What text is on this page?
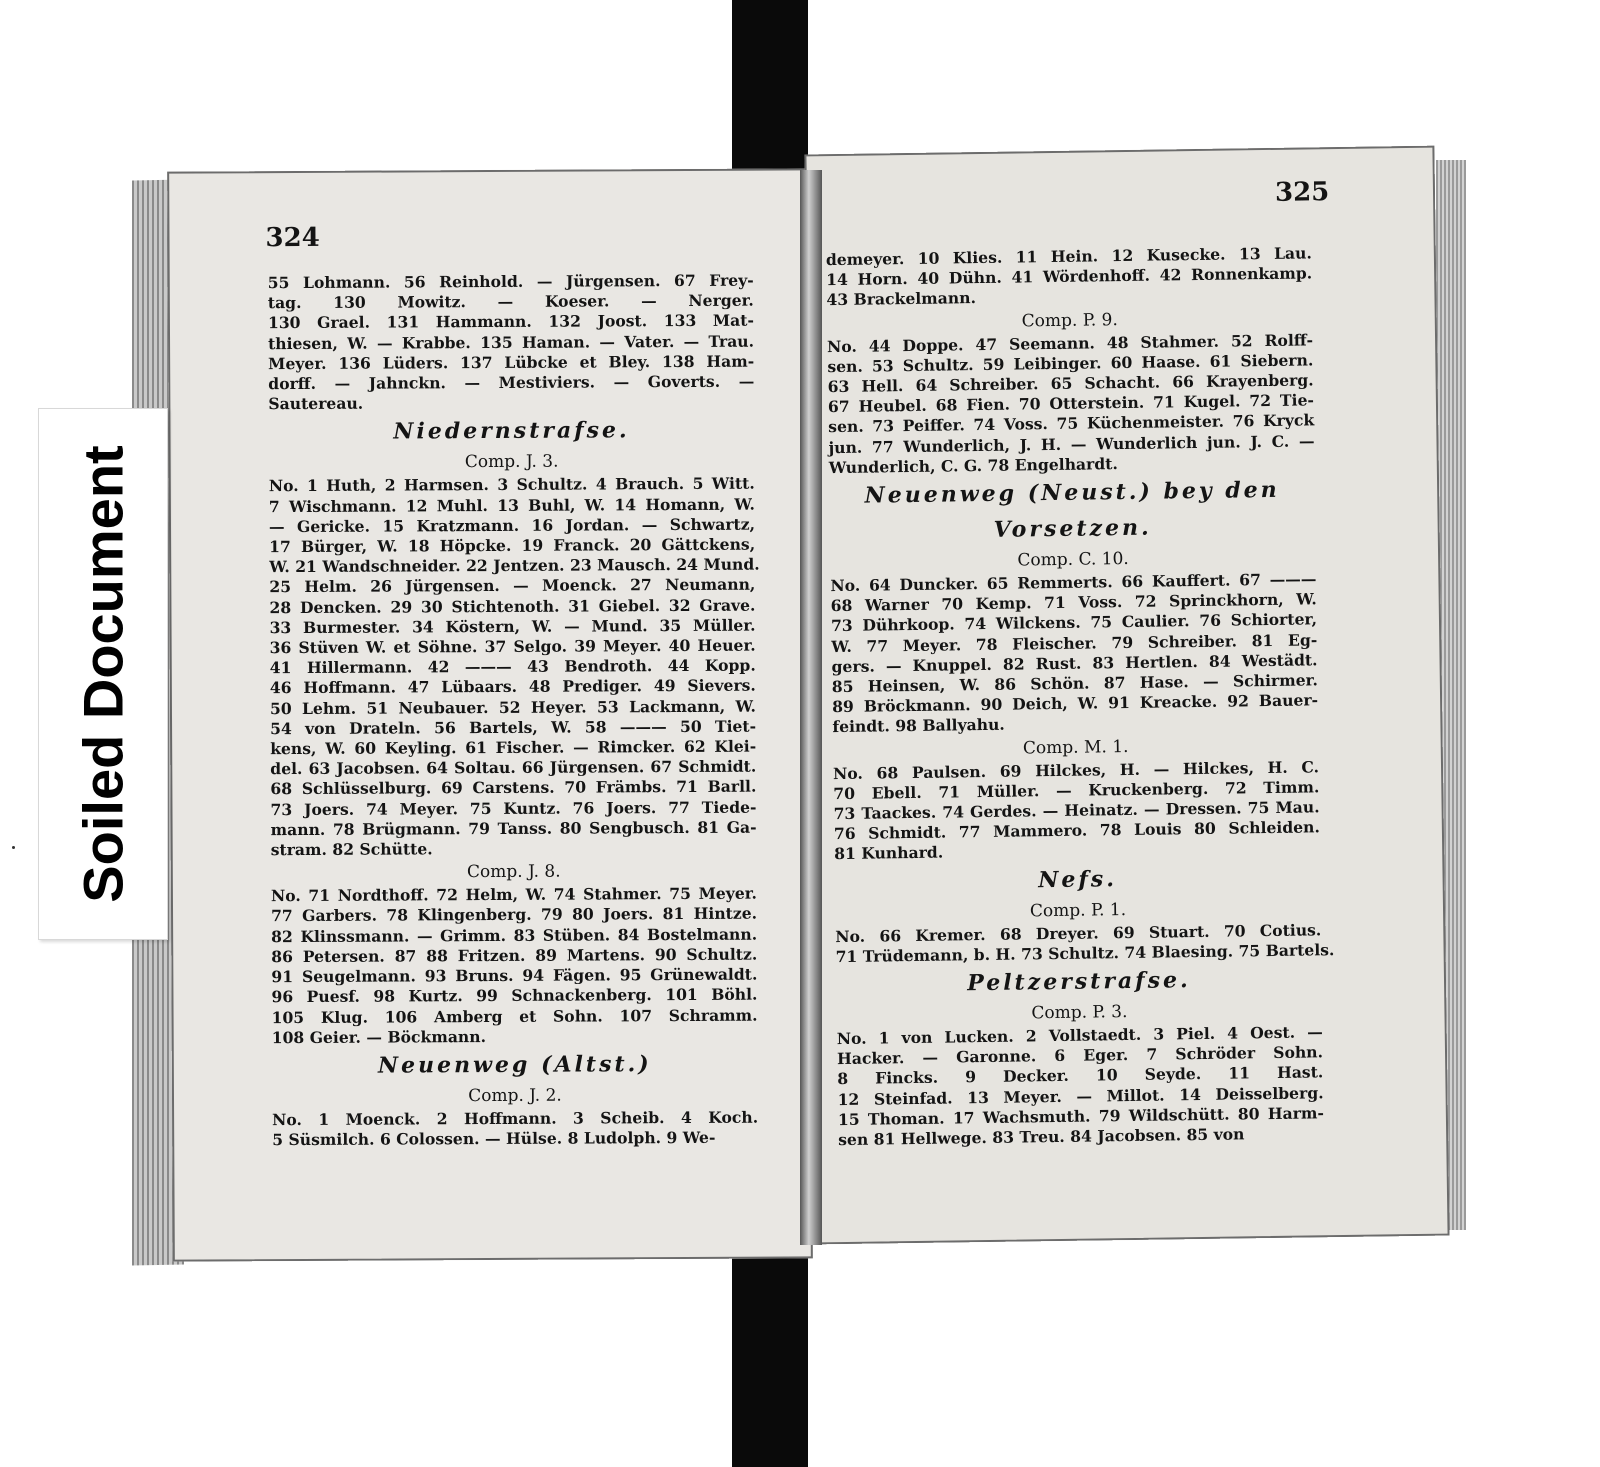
324
55 Lohmann. 56 Reinhold. — Jürgensen. 67 Frey-
tag. 130 Mowitz. — Koeser. — Nerger.
130 Grael. 131 Hammann. 132 Joost. 133 Mat-
thiesen, W. — Krabbe. 135 Haman. — Vater. — Trau.
Meyer. 136 Lüders. 137 Lübcke et Bley. 138 Ham-
dorff. — Jahnckn. — Mestiviers. — Goverts. —
Sautereau.
Niedernstrafse.
Comp. J. 3.
No. 1 Huth, 2 Harmsen. 3 Schultz. 4 Brauch. 5 Witt.
7 Wischmann. 12 Muhl. 13 Buhl, W. 14 Homann, W.
— Gericke. 15 Kratzmann. 16 Jordan. — Schwartz,
17 Bürger, W. 18 Höpcke. 19 Franck. 20 Gättckens,
W. 21 Wandschneider. 22 Jentzen. 23 Mausch. 24 Mund.
25 Helm. 26 Jürgensen. — Moenck. 27 Neumann,
28 Dencken. 29 30 Stichtenoth. 31 Giebel. 32 Grave.
33 Burmester. 34 Köstern, W. — Mund. 35 Müller.
36 Stüven W. et Söhne. 37 Selgo. 39 Meyer. 40 Heuer.
41 Hillermann. 42 ——— 43 Bendroth. 44 Kopp.
46 Hoffmann. 47 Lübaars. 48 Prediger. 49 Sievers.
50 Lehm. 51 Neubauer. 52 Heyer. 53 Lackmann, W.
54 von Drateln. 56 Bartels, W. 58 ——— 50 Tiet-
kens, W. 60 Keyling. 61 Fischer. — Rimcker. 62 Klei-
del. 63 Jacobsen. 64 Soltau. 66 Jürgensen. 67 Schmidt.
68 Schlüsselburg. 69 Carstens. 70 Främbs. 71 Barll.
73 Joers. 74 Meyer. 75 Kuntz. 76 Joers. 77 Tiede-
mann. 78 Brügmann. 79 Tanss. 80 Sengbusch. 81 Ga-
stram. 82 Schütte.
Comp. J. 8.
No. 71 Nordthoff. 72 Helm, W. 74 Stahmer. 75 Meyer.
77 Garbers. 78 Klingenberg. 79 80 Joers. 81 Hintze.
82 Klinssmann. — Grimm. 83 Stüben. 84 Bostelmann.
86 Petersen. 87 88 Fritzen. 89 Martens. 90 Schultz.
91 Seugelmann. 93 Bruns. 94 Fägen. 95 Grünewaldt.
96 Puesf. 98 Kurtz. 99 Schnackenberg. 101 Böhl.
105 Klug. 106 Amberg et Sohn. 107 Schramm.
108 Geier. — Böckmann.
Neuenweg (Altst.)
Comp. J. 2.
No. 1 Moenck. 2 Hoffmann. 3 Scheib. 4 Koch.
5 Süsmilch. 6 Colossen. — Hülse. 8 Ludolph. 9 We-
325
demeyer. 10 Klies. 11 Hein. 12 Kusecke. 13 Lau.
14 Horn. 40 Dühn. 41 Wördenhoff. 42 Ronnenkamp.
43 Brackelmann.
Comp. P. 9.
No. 44 Doppe. 47 Seemann. 48 Stahmer. 52 Rolff-
sen. 53 Schultz. 59 Leibinger. 60 Haase. 61 Siebern.
63 Hell. 64 Schreiber. 65 Schacht. 66 Krayenberg.
67 Heubel. 68 Fien. 70 Otterstein. 71 Kugel. 72 Tie-
sen. 73 Peiffer. 74 Voss. 75 Küchenmeister. 76 Kryck
jun. 77 Wunderlich, J. H. — Wunderlich jun. J. C. —
Wunderlich, C. G. 78 Engelhardt.
Neuenweg (Neust.) bey den Vorsetzen.
Comp. C. 10.
No. 64 Duncker. 65 Remmerts. 66 Kauffert. 67 ———
68 Warner 70 Kemp. 71 Voss. 72 Sprinckhorn, W.
73 Dührkoop. 74 Wilckens. 75 Caulier. 76 Schiorter,
W. 77 Meyer. 78 Fleischer. 79 Schreiber. 81 Eg-
gers. — Knuppel. 82 Rust. 83 Hertlen. 84 Westädt.
85 Heinsen, W. 86 Schön. 87 Hase. — Schirmer.
89 Bröckmann. 90 Deich, W. 91 Kreacke. 92 Bauer-
feindt. 98 Ballyahu.
Comp. M. 1.
No. 68 Paulsen. 69 Hilckes, H. — Hilckes, H. C.
70 Ebell. 71 Müller. — Kruckenberg. 72 Timm.
73 Taackes. 74 Gerdes. — Heinatz. — Dressen. 75 Mau.
76 Schmidt. 77 Mammero. 78 Louis 80 Schleiden.
81 Kunhard.
Nefs.
Comp. P. 1.
No. 66 Kremer. 68 Dreyer. 69 Stuart. 70 Cotius.
71 Trüdemann, b. H. 73 Schultz. 74 Blaesing. 75 Bartels.
Peltzerstrafse.
Comp. P. 3.
No. 1 von Lucken. 2 Vollstaedt. 3 Piel. 4 Oest. —
Hacker. — Garonne. 6 Eger. 7 Schröder Sohn.
8 Fincks. 9 Decker. 10 Seyde. 11 Hast.
12 Steinfad. 13 Meyer. — Millot. 14 Deisselberg.
15 Thoman. 17 Wachsmuth. 79 Wildschütt. 80 Harm-
sen 81 Hellwege. 83 Treu. 84 Jacobsen. 85 von
Soiled Document
